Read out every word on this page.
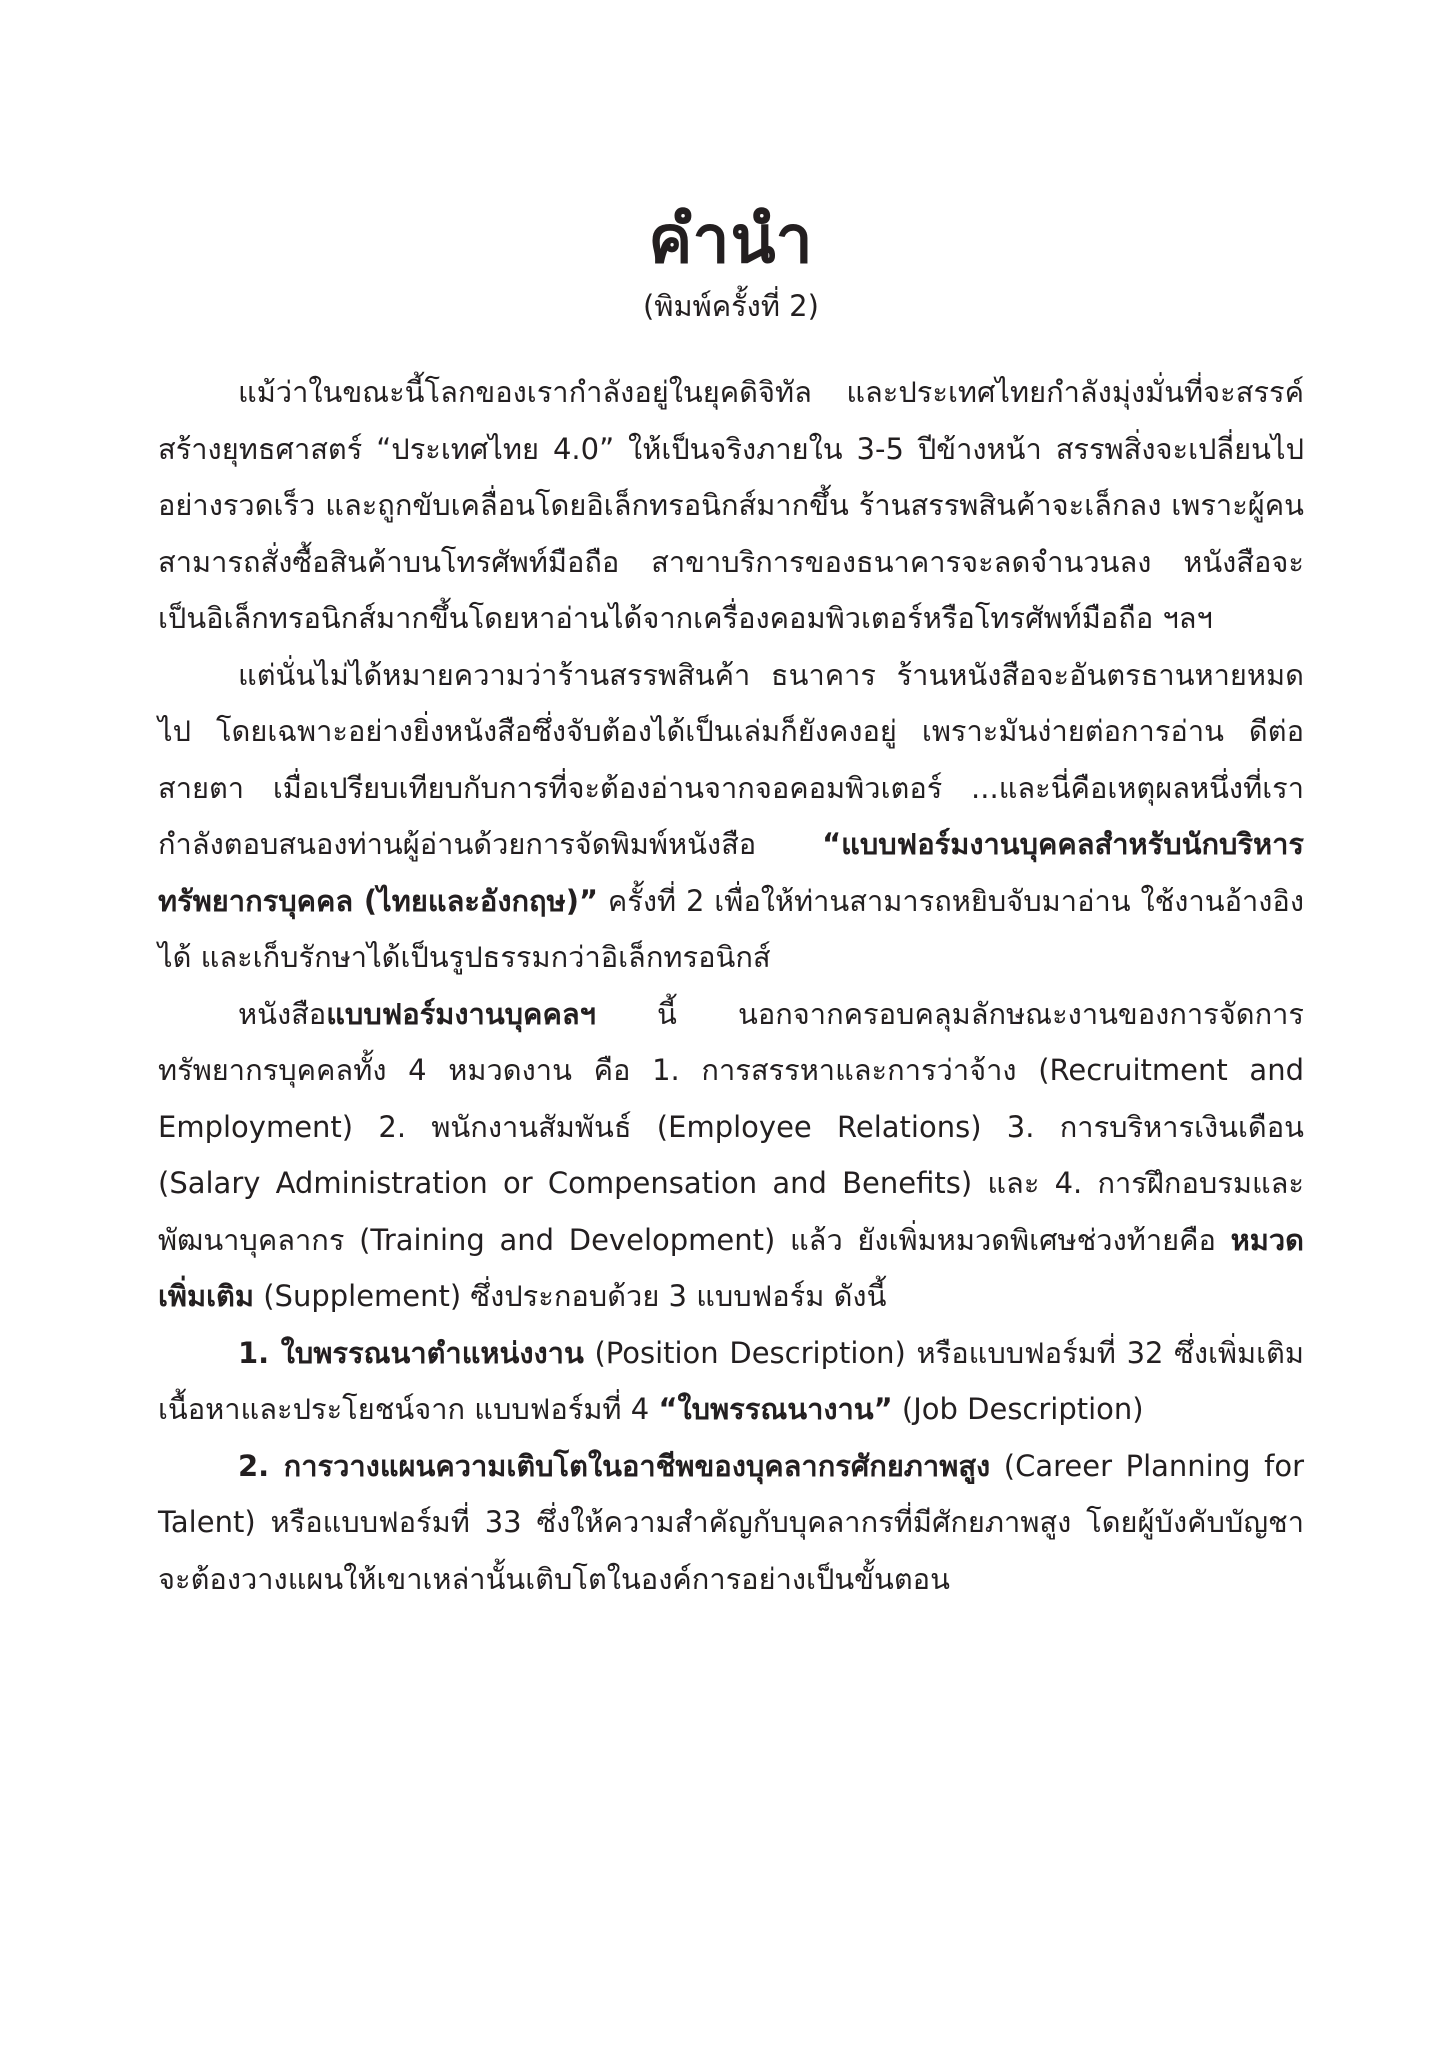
คำนำ
(พิมพ์ครั้งที่ 2)

แม้ว่าในขณะนี้โลกของเรากำลังอยู่ในยุคดิจิทัล และประเทศไทยกำลังมุ่งมั่นที่จะสรรค์สร้างยุทธศาสตร์ “ประเทศไทย 4.0” ให้เป็นจริงภายใน 3-5 ปีข้างหน้า สรรพสิ่งจะเปลี่ยนไปอย่างรวดเร็ว และถูกขับเคลื่อนโดยอิเล็กทรอนิกส์มากขึ้น ร้านสรรพสินค้าจะเล็กลง เพราะผู้คนสามารถสั่งซื้อสินค้าบนโทรศัพท์มือถือ สาขาบริการของธนาคารจะลดจำนวนลง หนังสือจะเป็นอิเล็กทรอนิกส์มากขึ้นโดยหาอ่านได้จากเครื่องคอมพิวเตอร์หรือโทรศัพท์มือถือ ฯลฯ

แต่นั่นไม่ได้หมายความว่าร้านสรรพสินค้า ธนาคาร ร้านหนังสือจะอันตรธานหายหมดไป โดยเฉพาะอย่างยิ่งหนังสือซึ่งจับต้องได้เป็นเล่มก็ยังคงอยู่ เพราะมันง่ายต่อการอ่าน ดีต่อสายตา เมื่อเปรียบเทียบกับการที่จะต้องอ่านจากจอคอมพิวเตอร์ ...และนี่คือเหตุผลหนึ่งที่เรากำลังตอบสนองท่านผู้อ่านด้วยการจัดพิมพ์หนังสือ “แบบฟอร์มงานบุคคลสำหรับนักบริหารทรัพยากรบุคคล (ไทยและอังกฤษ)” ครั้งที่ 2 เพื่อให้ท่านสามารถหยิบจับมาอ่าน ใช้งานอ้างอิงได้ และเก็บรักษาได้เป็นรูปธรรมกว่าอิเล็กทรอนิกส์

หนังสือแบบฟอร์มงานบุคคลฯ นี้ นอกจากครอบคลุมลักษณะงานของการจัดการทรัพยากรบุคคลทั้ง 4 หมวดงาน คือ 1. การสรรหาและการว่าจ้าง (Recruitment and Employment) 2. พนักงานสัมพันธ์ (Employee Relations) 3. การบริหารเงินเดือน (Salary Administration or Compensation and Benefits) และ 4. การฝึกอบรมและพัฒนาบุคลากร (Training and Development) แล้ว ยังเพิ่มหมวดพิเศษช่วงท้ายคือ หมวดเพิ่มเติม (Supplement) ซึ่งประกอบด้วย 3 แบบฟอร์ม ดังนี้

1. ใบพรรณนาตำแหน่งงาน (Position Description) หรือแบบฟอร์มที่ 32 ซึ่งเพิ่มเติมเนื้อหาและประโยชน์จาก แบบฟอร์มที่ 4 “ใบพรรณนางาน” (Job Description)

2. การวางแผนความเติบโตในอาชีพของบุคลากรศักยภาพสูง (Career Planning for Talent) หรือแบบฟอร์มที่ 33 ซึ่งให้ความสำคัญกับบุคลากรที่มีศักยภาพสูง โดยผู้บังคับบัญชาจะต้องวางแผนให้เขาเหล่านั้นเติบโตในองค์การอย่างเป็นขั้นตอน
